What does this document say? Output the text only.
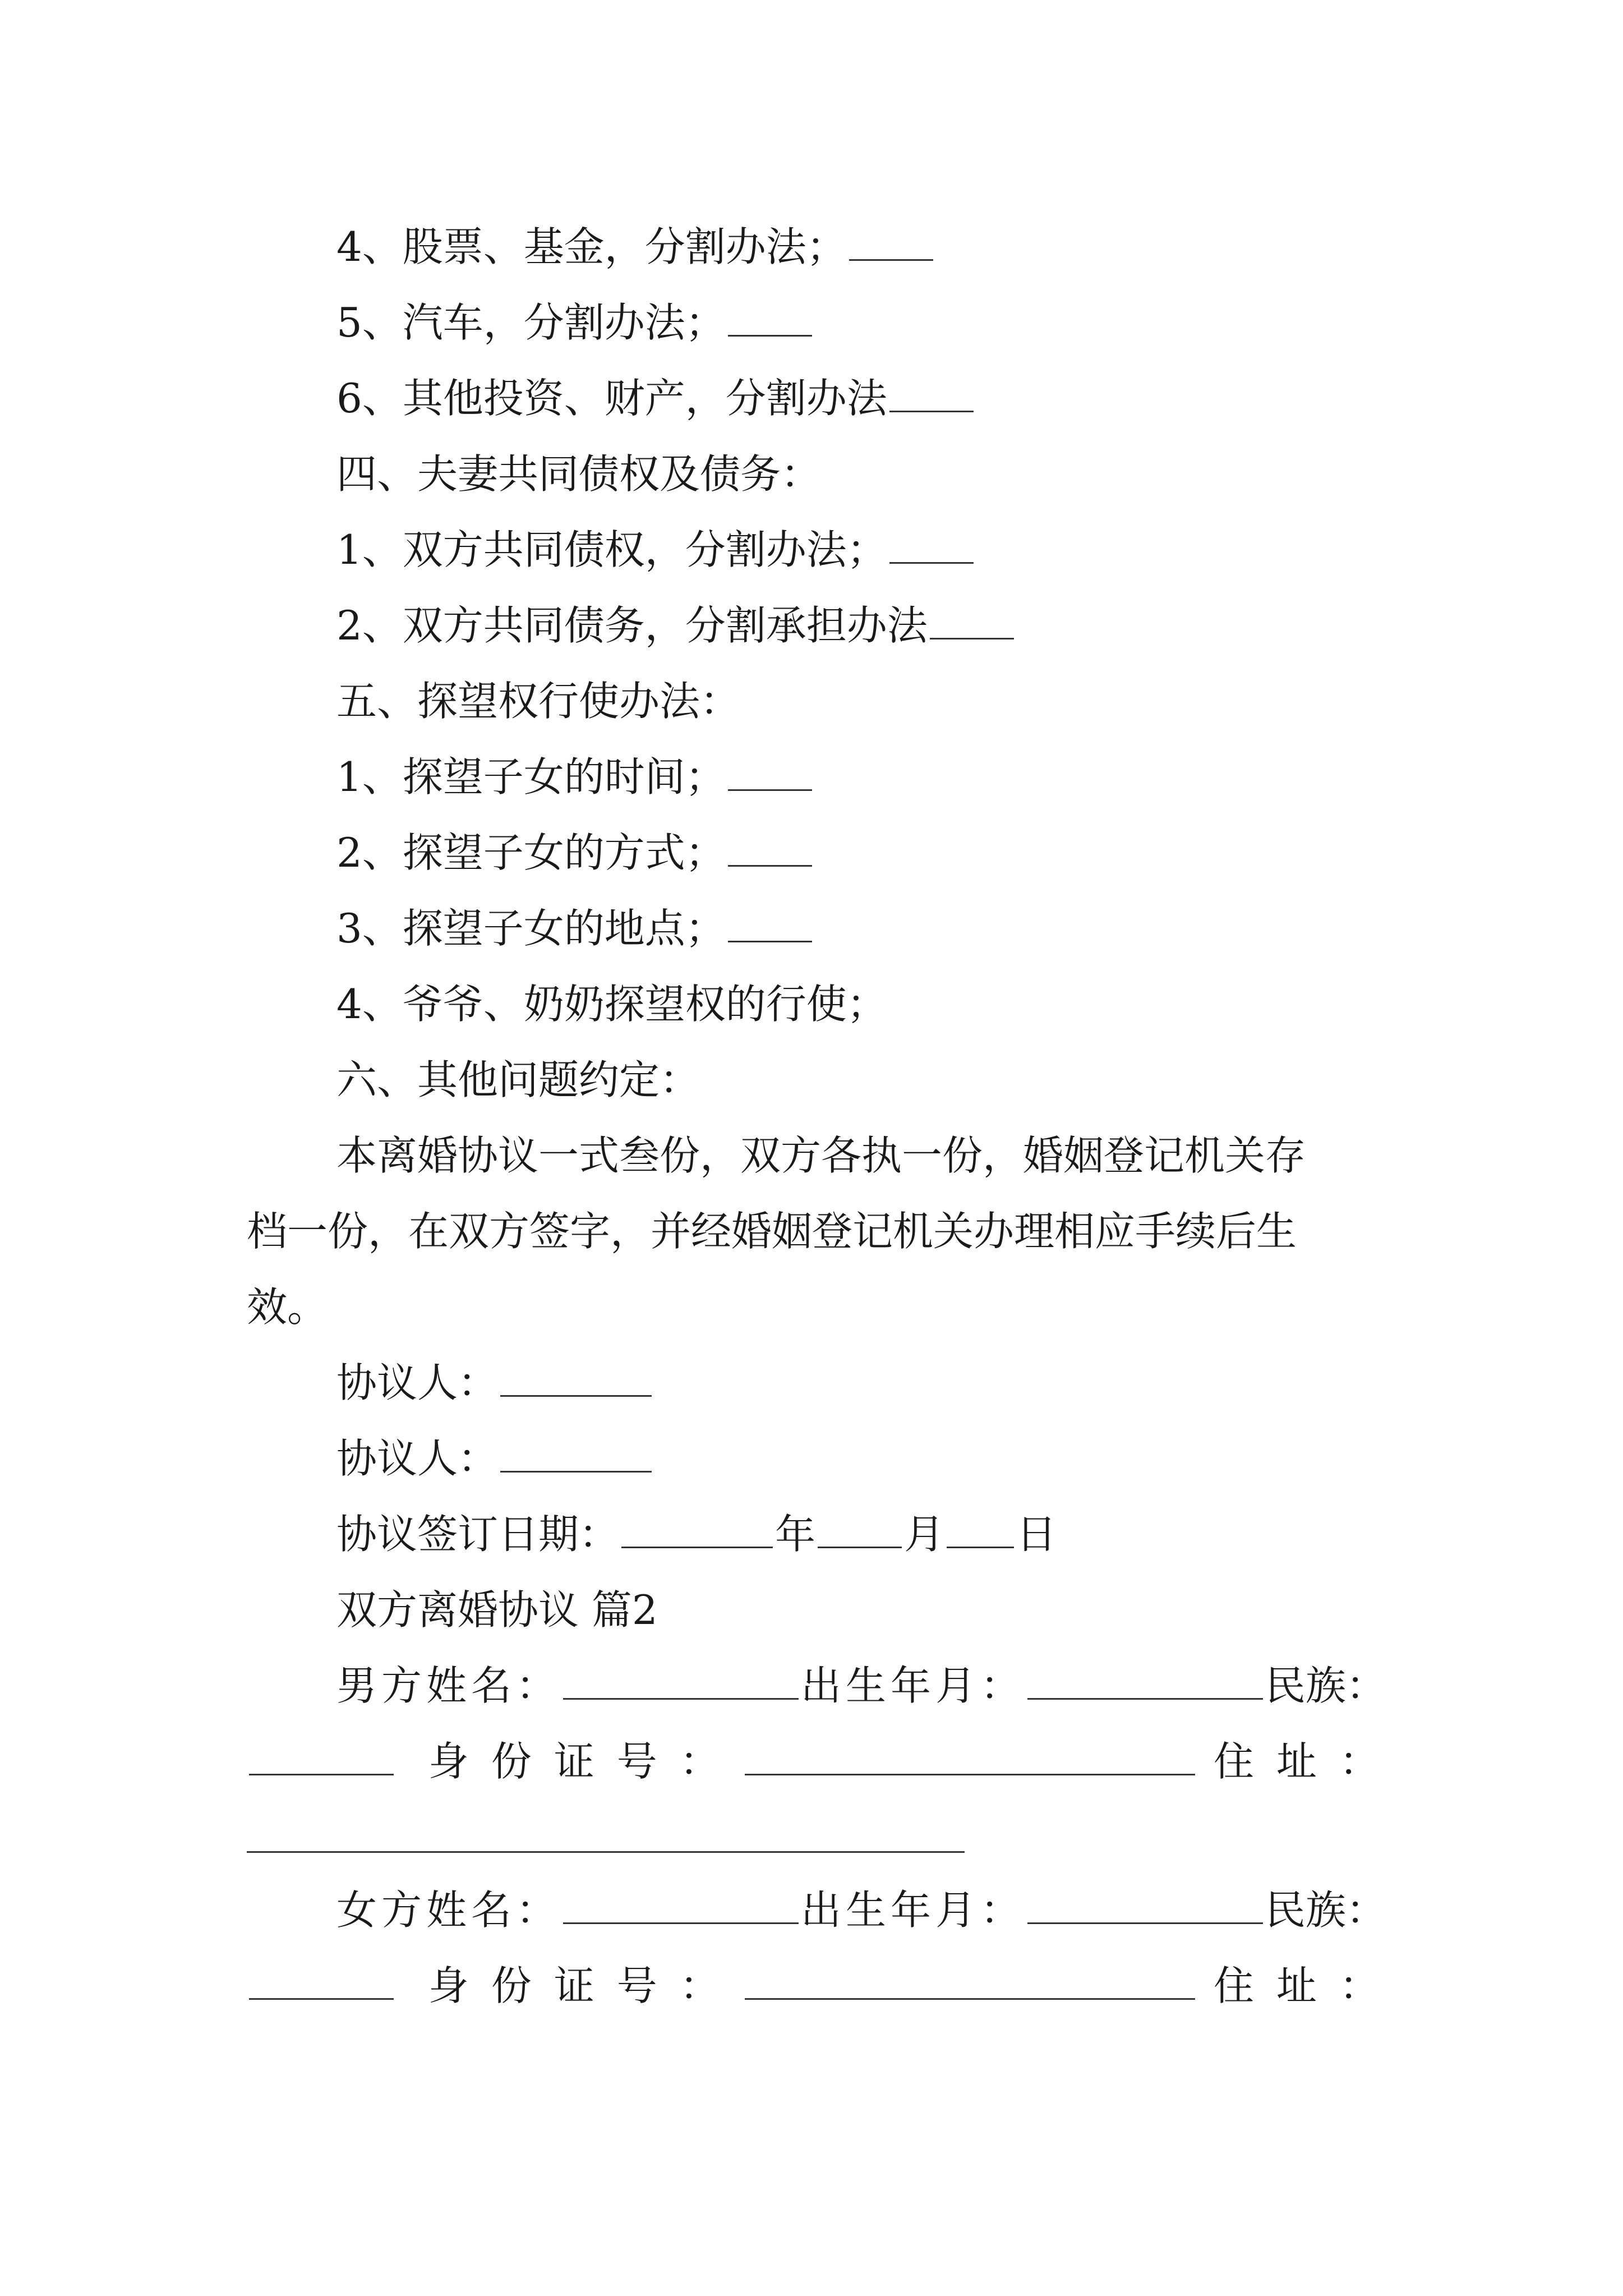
4、股票、基金，分割办法；
5、汽车，分割办法；
6、其他投资、财产，分割办法
四、夫妻共同债权及债务：
1、双方共同债权，分割办法；
2、双方共同债务，分割承担办法
五、探望权行使办法：
1、探望子女的时间；
2、探望子女的方式；
3、探望子女的地点；
4、爷爷、奶奶探望权的行使；
六、其他问题约定：
本离婚协议一式叁份，双方各执一份，婚姻登记机关存
档一份，在双方签字，并经婚姻登记机关办理相应手续后生
效。
协议人：
协议人：
协议签订日期：	年 月 日
双方离婚协议 篇2
男方姓名：	出生年月：	民族：
身份证号：	住址：
女方姓名：	出生年月：	民族：
身份证号：	住址：
